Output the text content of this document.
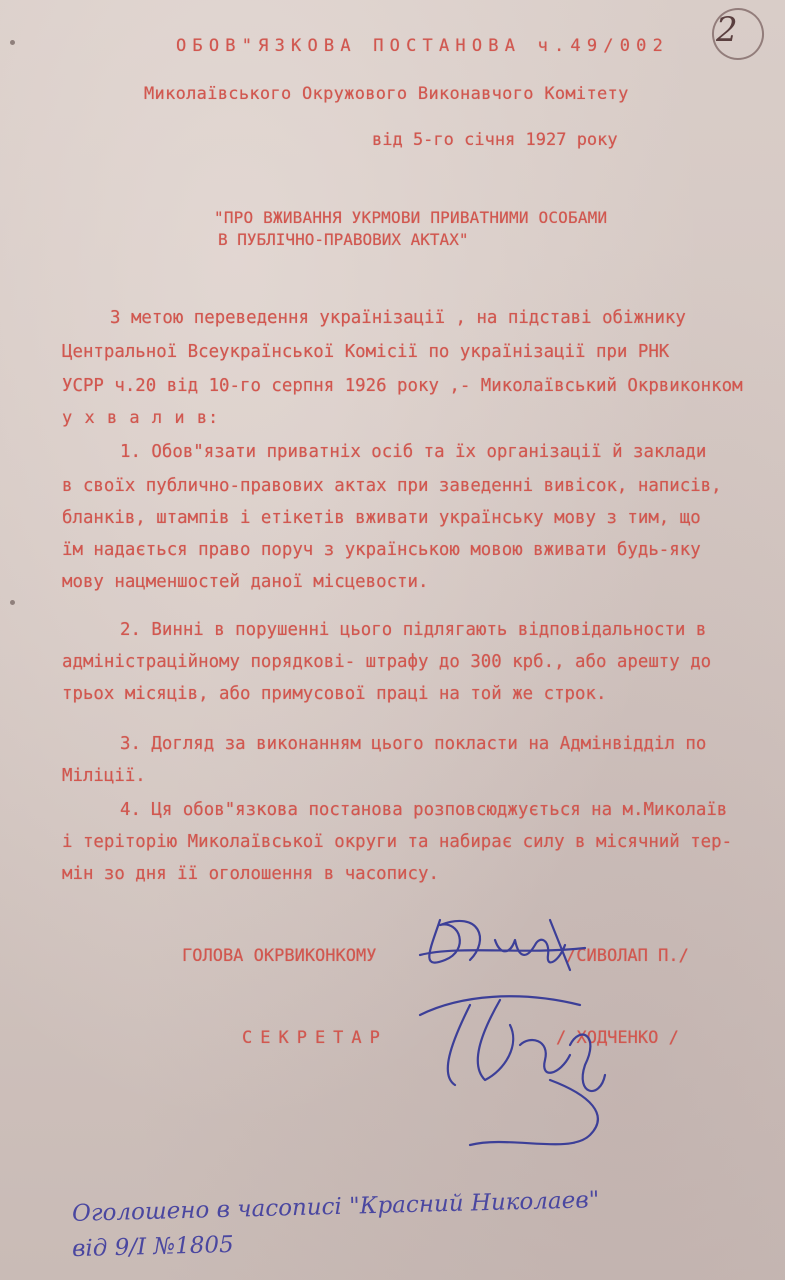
2
ОБОВ"ЯЗКОВА ПОСТАНОВА ч.49/002
Миколаївського Окружового Виконавчого Комітету
від 5-го січня 1927 року
"ПРО ВЖИВАННЯ УКРМОВИ ПРИВАТНИМИ ОСОБАМИ
В ПУБЛІЧНО-ПРАВОВИХ АКТАХ"
З метою переведення українізації , на підставі обіжнику
Центральної Всеукраїнської Комісії по українізації при РНК
УСРР ч.20 від 10-го серпня 1926 року ,- Миколаївський Окрвиконком
у х в а л и в:
1. Обов"язати приватніх осіб та їх організації й заклади
в своїх публично-правових актах при заведенні вивісок, написів,
бланків, штампів і етікетів вживати українську мову з тим, що
їм надається право поруч з українською мовою вживати будь-яку
мову нацменшостей даної місцевости.
2. Винні в порушенні цього підлягають відповідальности в
адміністраційному порядкові- штрафу до 300 крб., або арешту до
трьох місяців, або примусової праці на той же строк.
3. Догляд за виконанням цього покласти на Адмінвідділ по
Міліції.
4. Ця обов"язкова постанова розповсюджується на м.Миколаїв
і теріторію Миколаївської округи та набирає силу в місячний тер-
мін зо дня її оголошення в часопису.
ГОЛОВА ОКРВИКОНКОМУ	/СИВОЛАП П./
СЕКРЕТАР	/ ХОДЧЕНКО /
Оголошено в часописі "Красний Николаев"
від 9/I №1805
